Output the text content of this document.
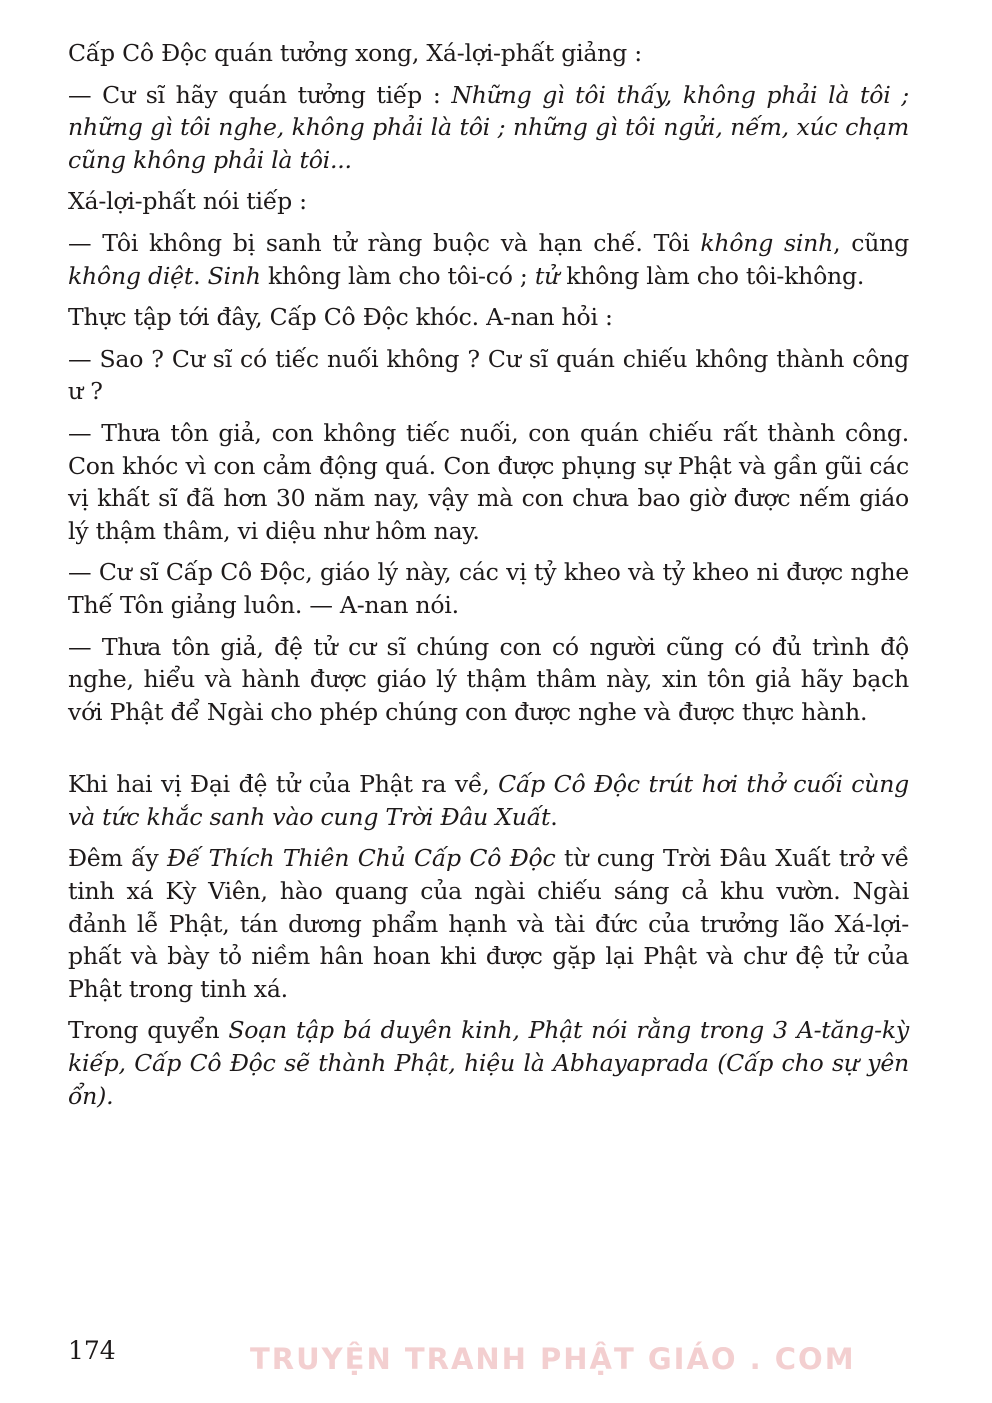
Cấp Cô Độc quán tưởng xong, Xá-lợi-phất giảng :

— Cư sĩ hãy quán tưởng tiếp : Những gì tôi thấy, không phải là tôi ; những gì tôi nghe, không phải là tôi ; những gì tôi ngửi, nếm, xúc chạm cũng không phải là tôi...

Xá-lợi-phất nói tiếp :

— Tôi không bị sanh tử ràng buộc và hạn chế. Tôi không sinh, cũng không diệt. Sinh không làm cho tôi-có ; tử không làm cho tôi-không.

Thực tập tới đây, Cấp Cô Độc khóc. A-nan hỏi :

— Sao ? Cư sĩ có tiếc nuối không ? Cư sĩ quán chiếu không thành công ư ?

— Thưa tôn giả, con không tiếc nuối, con quán chiếu rất thành công. Con khóc vì con cảm động quá. Con được phụng sự Phật và gần gũi các vị khất sĩ đã hơn 30 năm nay, vậy mà con chưa bao giờ được nếm giáo lý thậm thâm, vi diệu như hôm nay.

— Cư sĩ Cấp Cô Độc, giáo lý này, các vị tỷ kheo và tỷ kheo ni được nghe Thế Tôn giảng luôn. — A-nan nói.

— Thưa tôn giả, đệ tử cư sĩ chúng con có người cũng có đủ trình độ nghe, hiểu và hành được giáo lý thậm thâm này, xin tôn giả hãy bạch với Phật để Ngài cho phép chúng con được nghe và được thực hành.

Khi hai vị Đại đệ tử của Phật ra về, Cấp Cô Độc trút hơi thở cuối cùng và tức khắc sanh vào cung Trời Đâu Xuất.

Đêm ấy Đế Thích Thiên Chủ Cấp Cô Độc từ cung Trời Đâu Xuất trở về tinh xá Kỳ Viên, hào quang của ngài chiếu sáng cả khu vườn. Ngài đảnh lễ Phật, tán dương phẩm hạnh và tài đức của trưởng lão Xá-lợi-phất và bày tỏ niềm hân hoan khi được gặp lại Phật và chư đệ tử của Phật trong tinh xá.

Trong quyển Soạn tập bá duyên kinh, Phật nói rằng trong 3 A-tăng-kỳ kiếp, Cấp Cô Độc sẽ thành Phật, hiệu là Abhayaprada (Cấp cho sự yên ổn).

174	TRUYỆN TRANH PHẬT GIÁO . COM
